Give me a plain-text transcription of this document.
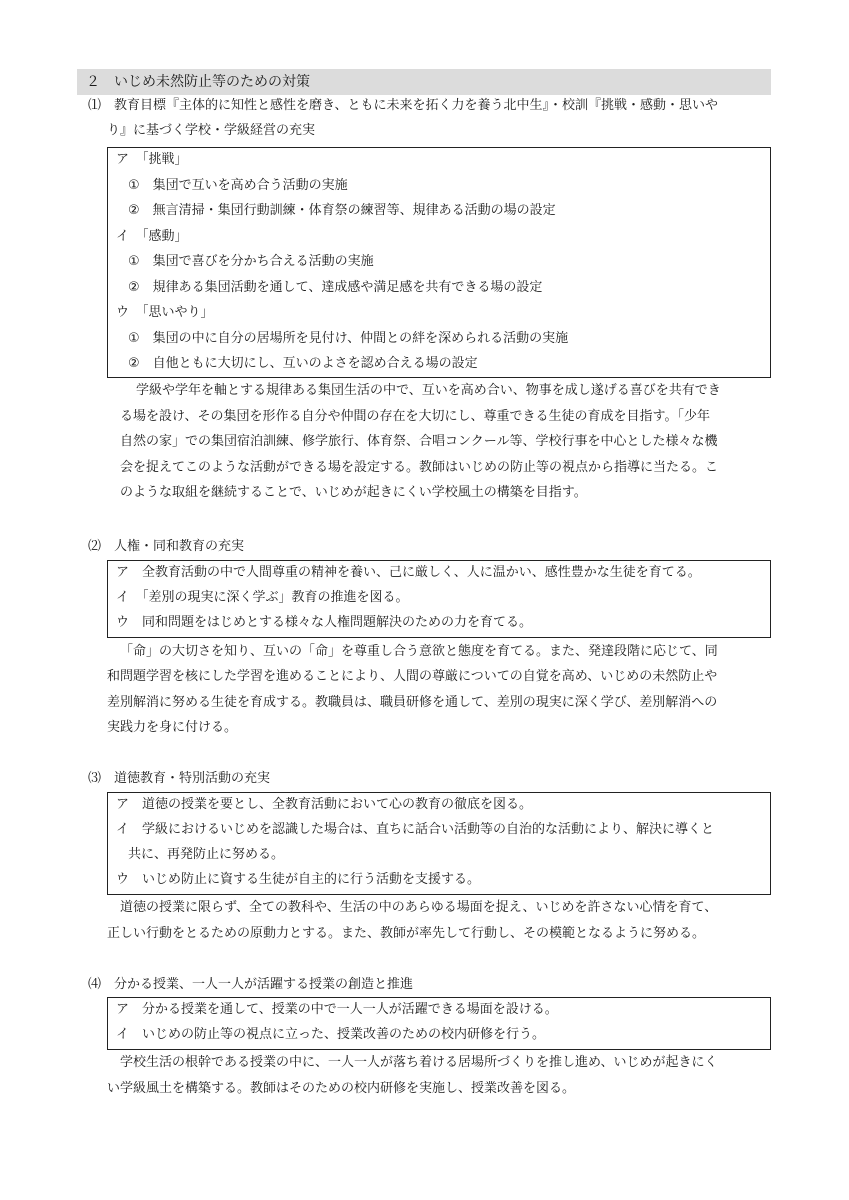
２　いじめ未然防止等のための対策
⑴　教育目標『主体的に知性と感性を磨き、ともに未来を拓く力を養う北中生』・校訓『挑戦・感動・思いや
り』に基づく学校・学級経営の充実
ア　「挑戦」
①　集団で互いを高め合う活動の実施
②　無言清掃・集団行動訓練・体育祭の練習等、規律ある活動の場の設定
イ　「感動」
①　集団で喜びを分かち合える活動の実施
②　規律ある集団活動を通して、達成感や満足感を共有できる場の設定
ウ　「思いやり」
①　集団の中に自分の居場所を見付け、仲間との絆を深められる活動の実施
②　自他ともに大切にし、互いのよさを認め合える場の設定
学級や学年を軸とする規律ある集団生活の中で、互いを高め合い、物事を成し遂げる喜びを共有でき
る場を設け、その集団を形作る自分や仲間の存在を大切にし、尊重できる生徒の育成を目指す。「少年
自然の家」での集団宿泊訓練、修学旅行、体育祭、合唱コンクール等、学校行事を中心とした様々な機
会を捉えてこのような活動ができる場を設定する。教師はいじめの防止等の視点から指導に当たる。こ
のような取組を継続することで、いじめが起きにくい学校風土の構築を目指す。
⑵　人権・同和教育の充実
ア　全教育活動の中で人間尊重の精神を養い、己に厳しく、人に温かい、感性豊かな生徒を育てる。
イ　「差別の現実に深く学ぶ」教育の推進を図る。
ウ　同和問題をはじめとする様々な人権問題解決のための力を育てる。
「命」の大切さを知り、互いの「命」を尊重し合う意欲と態度を育てる。また、発達段階に応じて、同
和問題学習を核にした学習を進めることにより、人間の尊厳についての自覚を高め、いじめの未然防止や
差別解消に努める生徒を育成する。教職員は、職員研修を通して、差別の現実に深く学び、差別解消への
実践力を身に付ける。
⑶　道徳教育・特別活動の充実
ア　道徳の授業を要とし、全教育活動において心の教育の徹底を図る。
イ　学級におけるいじめを認識した場合は、直ちに話合い活動等の自治的な活動により、解決に導くと
共に、再発防止に努める。
ウ　いじめ防止に資する生徒が自主的に行う活動を支援する。
道徳の授業に限らず、全ての教科や、生活の中のあらゆる場面を捉え、いじめを許さない心情を育て、
正しい行動をとるための原動力とする。また、教師が率先して行動し、その模範となるように努める。
⑷　分かる授業、一人一人が活躍する授業の創造と推進
ア　分かる授業を通して、授業の中で一人一人が活躍できる場面を設ける。
イ　いじめの防止等の視点に立った、授業改善のための校内研修を行う。
学校生活の根幹である授業の中に、一人一人が落ち着ける居場所づくりを推し進め、いじめが起きにく
い学級風土を構築する。教師はそのための校内研修を実施し、授業改善を図る。
